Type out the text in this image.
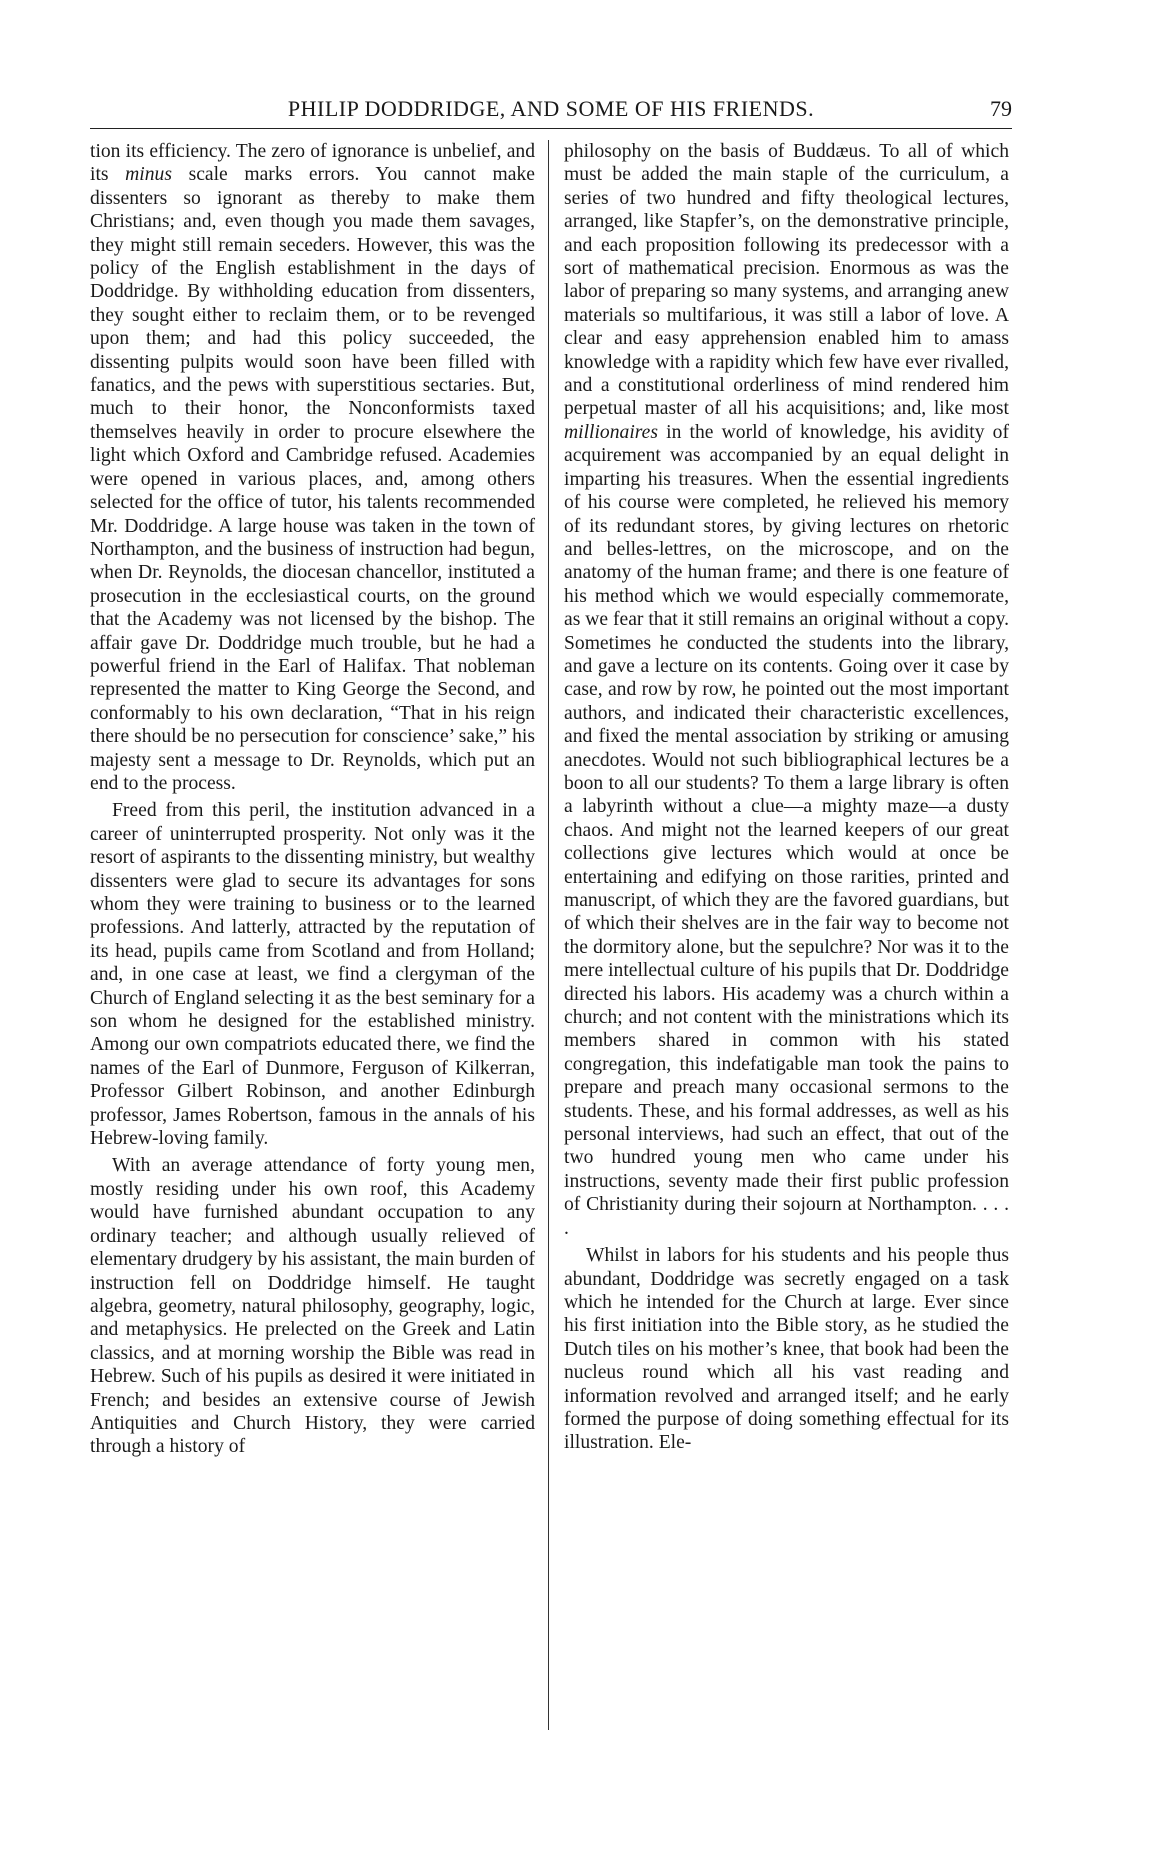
PHILIP DODDRIDGE, AND SOME OF HIS FRIENDS.	79

tion its efficiency. The zero of ignorance is unbelief, and its minus scale marks errors. You cannot make dissenters so ignorant as thereby to make them Christians; and, even though you made them savages, they might still remain seceders. However, this was the policy of the English establishment in the days of Doddridge. By withholding education from dissenters, they sought either to reclaim them, or to be revenged upon them; and had this policy succeeded, the dissenting pulpits would soon have been filled with fanatics, and the pews with superstitious sectaries. But, much to their honor, the Nonconformists taxed themselves heavily in order to procure elsewhere the light which Oxford and Cambridge refused. Academies were opened in various places, and, among others selected for the office of tutor, his talents recommended Mr. Doddridge. A large house was taken in the town of Northampton, and the business of instruction had begun, when Dr. Reynolds, the diocesan chancellor, instituted a prosecution in the ecclesiastical courts, on the ground that the Academy was not licensed by the bishop. The affair gave Dr. Doddridge much trouble, but he had a powerful friend in the Earl of Halifax. That nobleman represented the matter to King George the Second, and conformably to his own declaration, “That in his reign there should be no persecution for conscience’ sake,” his majesty sent a message to Dr. Reynolds, which put an end to the process.

Freed from this peril, the institution advanced in a career of uninterrupted prosperity. Not only was it the resort of aspirants to the dissenting ministry, but wealthy dissenters were glad to secure its advantages for sons whom they were training to business or to the learned professions. And latterly, attracted by the reputation of its head, pupils came from Scotland and from Holland; and, in one case at least, we find a clergyman of the Church of England selecting it as the best seminary for a son whom he designed for the established ministry. Among our own compatriots educated there, we find the names of the Earl of Dunmore, Ferguson of Kilkerran, Professor Gilbert Robinson, and another Edinburgh professor, James Robertson, famous in the annals of his Hebrew-loving family.

With an average attendance of forty young men, mostly residing under his own roof, this Academy would have furnished abundant occupation to any ordinary teacher; and although usually relieved of elementary drudgery by his assistant, the main burden of instruction fell on Doddridge himself. He taught algebra, geometry, natural philosophy, geography, logic, and metaphysics. He prelected on the Greek and Latin classics, and at morning worship the Bible was read in Hebrew. Such of his pupils as desired it were initiated in French; and besides an extensive course of Jewish Antiquities and Church History, they were carried through a history of

philosophy on the basis of Buddæus. To all of which must be added the main staple of the curriculum, a series of two hundred and fifty theological lectures, arranged, like Stapfer’s, on the demonstrative principle, and each proposition following its predecessor with a sort of mathematical precision. Enormous as was the labor of preparing so many systems, and arranging anew materials so multifarious, it was still a labor of love. A clear and easy apprehension enabled him to amass knowledge with a rapidity which few have ever rivalled, and a constitutional orderliness of mind rendered him perpetual master of all his acquisitions; and, like most millionaires in the world of knowledge, his avidity of acquirement was accompanied by an equal delight in imparting his treasures. When the essential ingredients of his course were completed, he relieved his memory of its redundant stores, by giving lectures on rhetoric and belles-lettres, on the microscope, and on the anatomy of the human frame; and there is one feature of his method which we would especially commemorate, as we fear that it still remains an original without a copy. Sometimes he conducted the students into the library, and gave a lecture on its contents. Going over it case by case, and row by row, he pointed out the most important authors, and indicated their characteristic excellences, and fixed the mental association by striking or amusing anecdotes. Would not such bibliographical lectures be a boon to all our students? To them a large library is often a labyrinth without a clue—a mighty maze—a dusty chaos. And might not the learned keepers of our great collections give lectures which would at once be entertaining and edifying on those rarities, printed and manuscript, of which they are the favored guardians, but of which their shelves are in the fair way to become not the dormitory alone, but the sepulchre? Nor was it to the mere intellectual culture of his pupils that Dr. Doddridge directed his labors. His academy was a church within a church; and not content with the ministrations which its members shared in common with his stated congregation, this indefatigable man took the pains to prepare and preach many occasional sermons to the students. These, and his formal addresses, as well as his personal interviews, had such an effect, that out of the two hundred young men who came under his instructions, seventy made their first public profession of Christianity during their sojourn at Northampton. . . . .

Whilst in labors for his students and his people thus abundant, Doddridge was secretly engaged on a task which he intended for the Church at large. Ever since his first initiation into the Bible story, as he studied the Dutch tiles on his mother’s knee, that book had been the nucleus round which all his vast reading and information revolved and arranged itself; and he early formed the purpose of doing something effectual for its illustration. Ele-
